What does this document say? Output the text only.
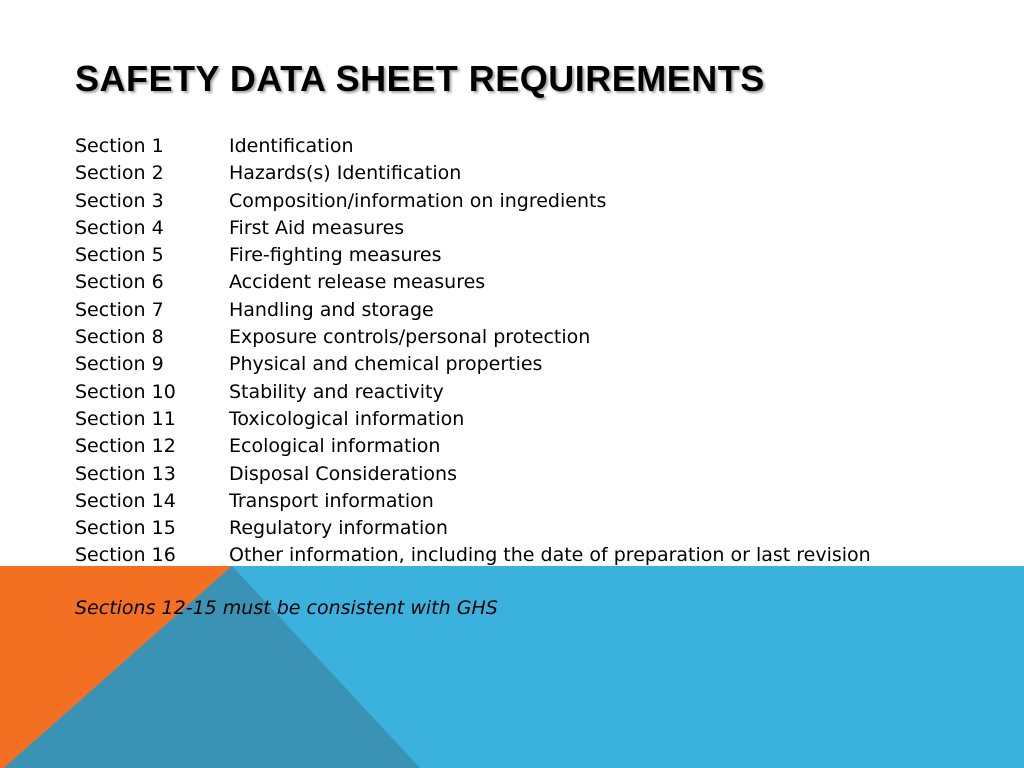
SAFETY DATA SHEET REQUIREMENTS
Section 1	Identification
Section 2	Hazards(s) Identification
Section 3	Composition/information on ingredients
Section 4	First Aid measures
Section 5	Fire-fighting measures
Section 6	Accident release measures
Section 7	Handling and storage
Section 8	Exposure controls/personal protection
Section 9	Physical and chemical properties
Section 10	Stability and reactivity
Section 11	Toxicological information
Section 12	Ecological information
Section 13	Disposal Considerations
Section 14	Transport information
Section 15	Regulatory information
Section 16	Other information, including the date of preparation or last revision

Sections 12-15 must be consistent with GHS
